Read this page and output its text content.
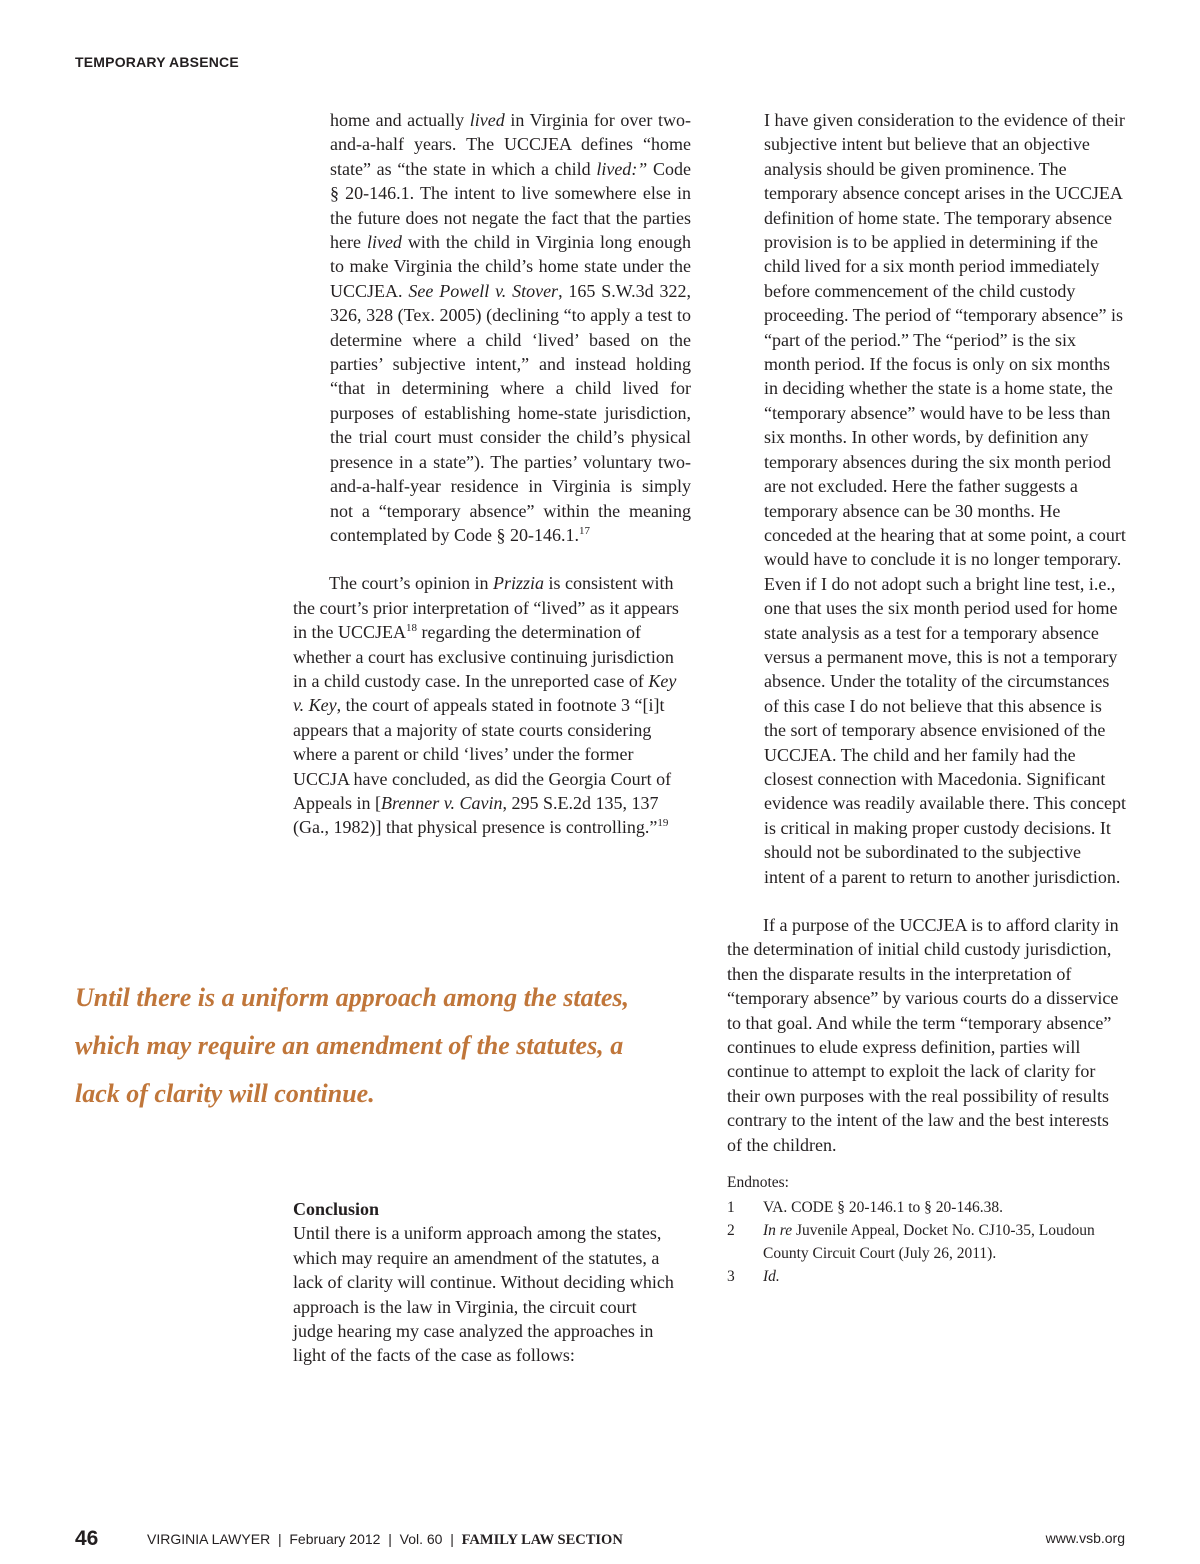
TEMPORARY ABSENCE

home and actually lived in Virginia for over two-and-a-half years. The UCCJEA defines “home state” as “the state in which a child lived:” Code § 20-146.1. The intent to live somewhere else in the future does not negate the fact that the parties here lived with the child in Virginia long enough to make Virginia the child’s home state under the UCCJEA. See Powell v. Stover, 165 S.W.3d 322, 326, 328 (Tex. 2005) (declining “to apply a test to determine where a child ‘lived’ based on the parties’ subjective intent,” and instead holding “that in determining where a child lived for purposes of establishing home-state jurisdiction, the trial court must consider the child’s physical presence in a state”). The parties’ voluntary two-and-a-half-year residence in Virginia is simply not a “temporary absence” within the meaning contemplated by Code § 20-146.1.17

The court’s opinion in Prizzia is consistent with the court’s prior interpretation of “lived” as it appears in the UCCJEA$^{18}$ regarding the determination of whether a court has exclusive continuing jurisdiction in a child custody case. In the unreported case of Key v. Key, the court of appeals stated in footnote 3 “[i]t appears that a majority of state courts considering where a parent or child ‘lives’ under the former UCCJA have concluded, as did the Georgia Court of Appeals in [Brenner v. Cavin, 295 S.E.2d 135, 137 (Ga., 1982)] that physical presence is controlling.”$^{19}$

Until there is a uniform approach among the states,

which may require an amendment of the statutes, a

lack of clarity will continue.

Conclusion

Until there is a uniform approach among the states, which may require an amendment of the statutes, a lack of clarity will continue. Without deciding which approach is the law in Virginia, the circuit court judge hearing my case analyzed the approaches in light of the facts of the case as follows:

I have given consideration to the evidence of their subjective intent but believe that an objective analysis should be given prominence. The temporary absence concept arises in the UCCJEA definition of home state. The temporary absence provision is to be applied in determining if the child lived for a six month period immediately before commencement of the child custody proceeding. The period of “temporary absence” is “part of the period.” The “period” is the six month period. If the focus is only on six months in deciding whether the state is a home state, the “temporary absence” would have to be less than six months. In other words, by definition any temporary absences during the six month period are not excluded. Here the father suggests a temporary absence can be 30 months. He conceded at the hearing that at some point, a court would have to conclude it is no longer temporary. Even if I do not adopt such a bright line test, i.e., one that uses the six month period used for home state analysis as a test for a temporary absence versus a permanent move, this is not a temporary absence. Under the totality of the circumstances of this case I do not believe that this absence is the sort of temporary absence envisioned of the UCCJEA. The child and her family had the closest connection with Macedonia. Significant evidence was readily available there. This concept is critical in making proper custody decisions. It should not be subordinated to the subjective intent of a parent to return to another jurisdiction.

If a purpose of the UCCJEA is to afford clarity in the determination of initial child custody jurisdiction, then the disparate results in the interpretation of “temporary absence” by various courts do a disservice to that goal. And while the term “temporary absence” continues to elude express definition, parties will continue to attempt to exploit the lack of clarity for their own purposes with the real possibility of results contrary to the intent of the law and the best interests of the children.

Endnotes:

1	VA. CODE § 20-146.1 to § 20-146.38.
2	In re Juvenile Appeal, Docket No. CJ10-35, Loudoun County Circuit Court (July 26, 2011).
3	Id.
46	VIRGINIA LAWYER  |  February 2012  |  Vol. 60  |  FAMILY LAW SECTION	www.vsb.org
